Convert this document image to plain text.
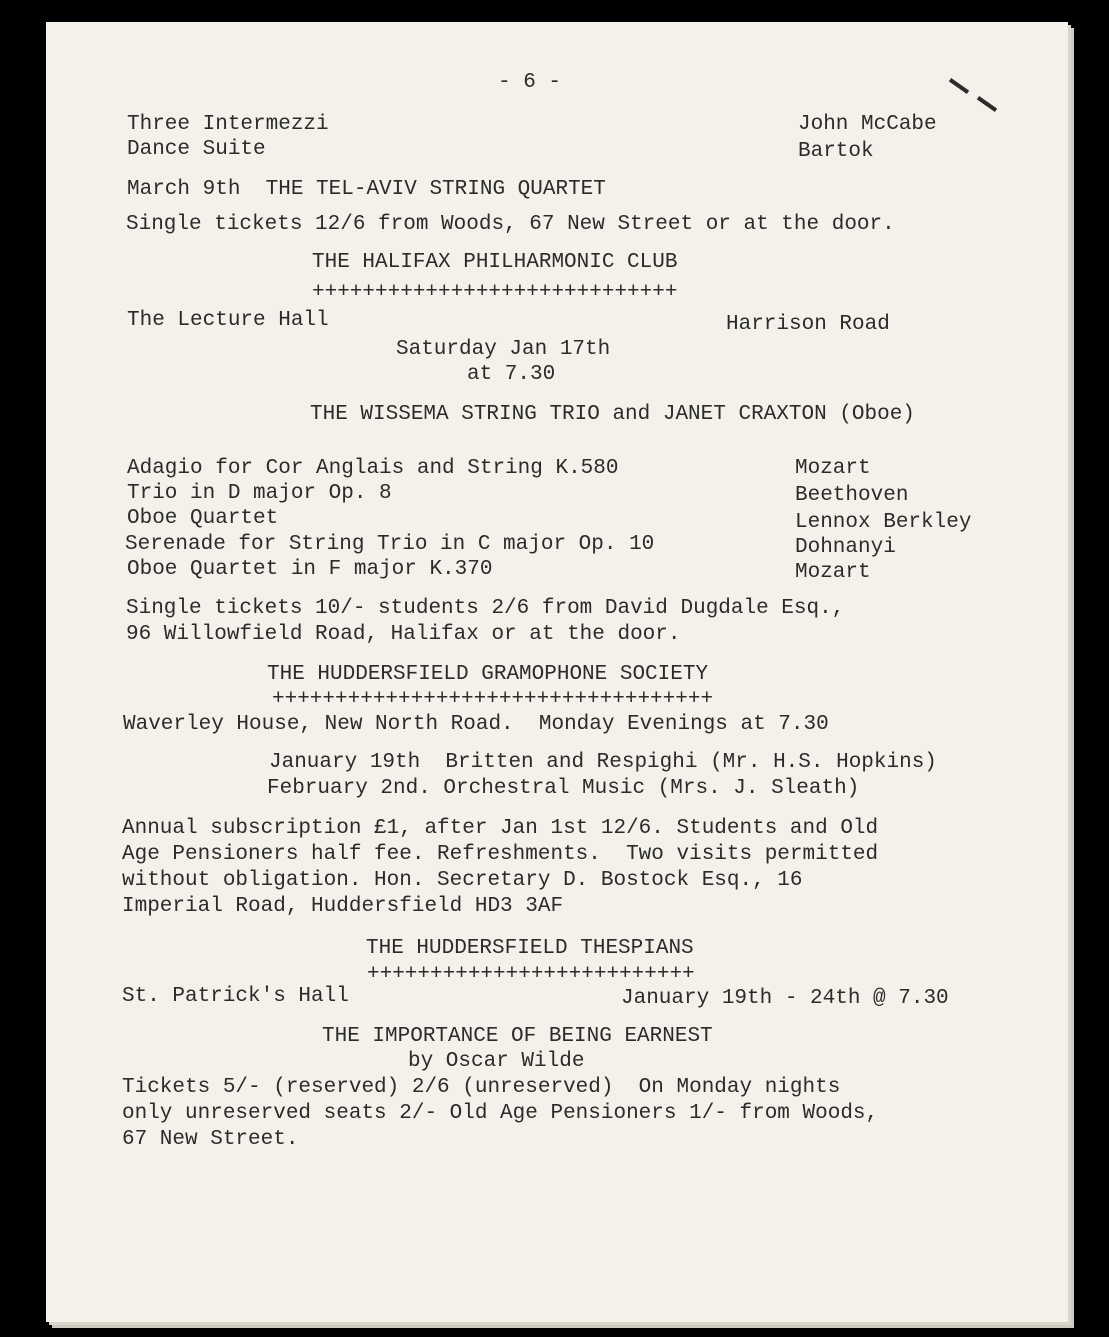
- 6 -

Three Intermezzi	John McCabe

Dance Suite	Bartok

March 9th  THE TEL-AVIV STRING QUARTET

Single tickets 12/6 from Woods, 67 New Street or at the door.

THE HALIFAX PHILHARMONIC CLUB

+++++++++++++++++++++++++++++

The Lecture Hall	Harrison Road

Saturday Jan 17th

at 7.30

THE WISSEMA STRING TRIO and JANET CRAXTON (Oboe)

Adagio for Cor Anglais and String K.580	Mozart

Trio in D major Op. 8	Beethoven

Oboe Quartet	Lennox Berkley

Serenade for String Trio in C major Op. 10	Dohnanyi

Oboe Quartet in F major K.370	Mozart

Single tickets 10/- students 2/6 from David Dugdale Esq.,

96 Willowfield Road, Halifax or at the door.

THE HUDDERSFIELD GRAMOPHONE SOCIETY

+++++++++++++++++++++++++++++++++++

Waverley House, New North Road.  Monday Evenings at 7.30

January 19th  Britten and Respighi (Mr. H.S. Hopkins)

February 2nd. Orchestral Music (Mrs. J. Sleath)

Annual subscription £1, after Jan 1st 12/6. Students and Old

Age Pensioners half fee. Refreshments.  Two visits permitted

without obligation. Hon. Secretary D. Bostock Esq., 16

Imperial Road, Huddersfield HD3 3AF

THE HUDDERSFIELD THESPIANS

++++++++++++++++++++++++++

St. Patrick's Hall	January 19th - 24th @ 7.30

THE IMPORTANCE OF BEING EARNEST

by Oscar Wilde

Tickets 5/- (reserved) 2/6 (unreserved)  On Monday nights

only unreserved seats 2/- Old Age Pensioners 1/- from Woods,

67 New Street.
